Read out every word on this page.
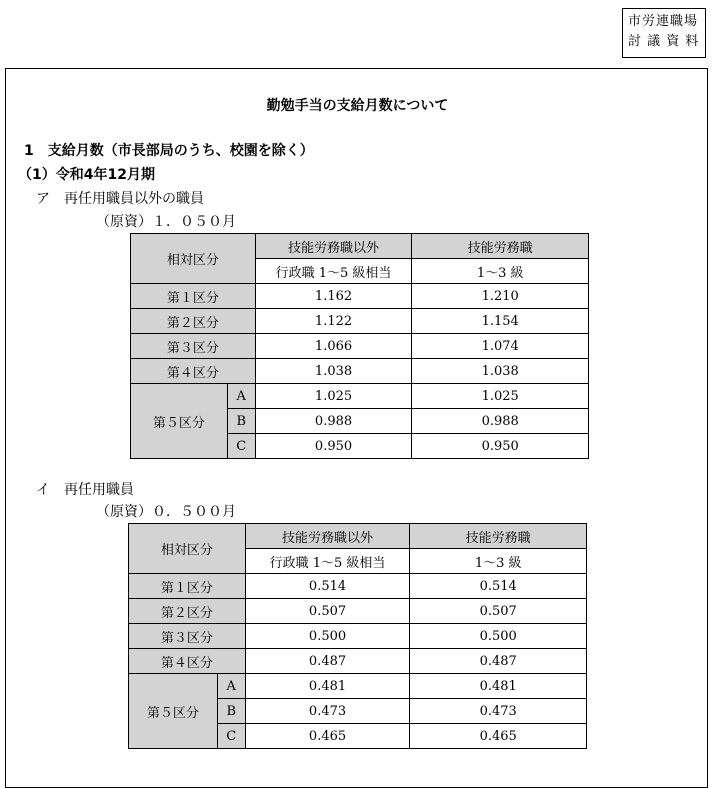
市労連職場
討 議 資 料
勤勉手当の支給月数について
1　支給月数（市長部局のうち、校園を除く）
（1）令和4年12月期
ア　再任用職員以外の職員
（原資）１．０５０月
相対区分		技能労務職以外	技能労務職
		行政職 1～5 級相当	1～3 級
第１区分		1.162	1.210
第２区分		1.122	1.154
第３区分		1.066	1.074
第４区分		1.038	1.038
第５区分	A	1.025	1.025
	B	0.988	0.988
	C	0.950	0.950
イ　再任用職員
（原資）０．５００月
相対区分		技能労務職以外	技能労務職
		行政職 1～5 級相当	1～3 級
第１区分		0.514	0.514
第２区分		0.507	0.507
第３区分		0.500	0.500
第４区分		0.487	0.487
第５区分	A	0.481	0.481
	B	0.473	0.473
	C	0.465	0.465
